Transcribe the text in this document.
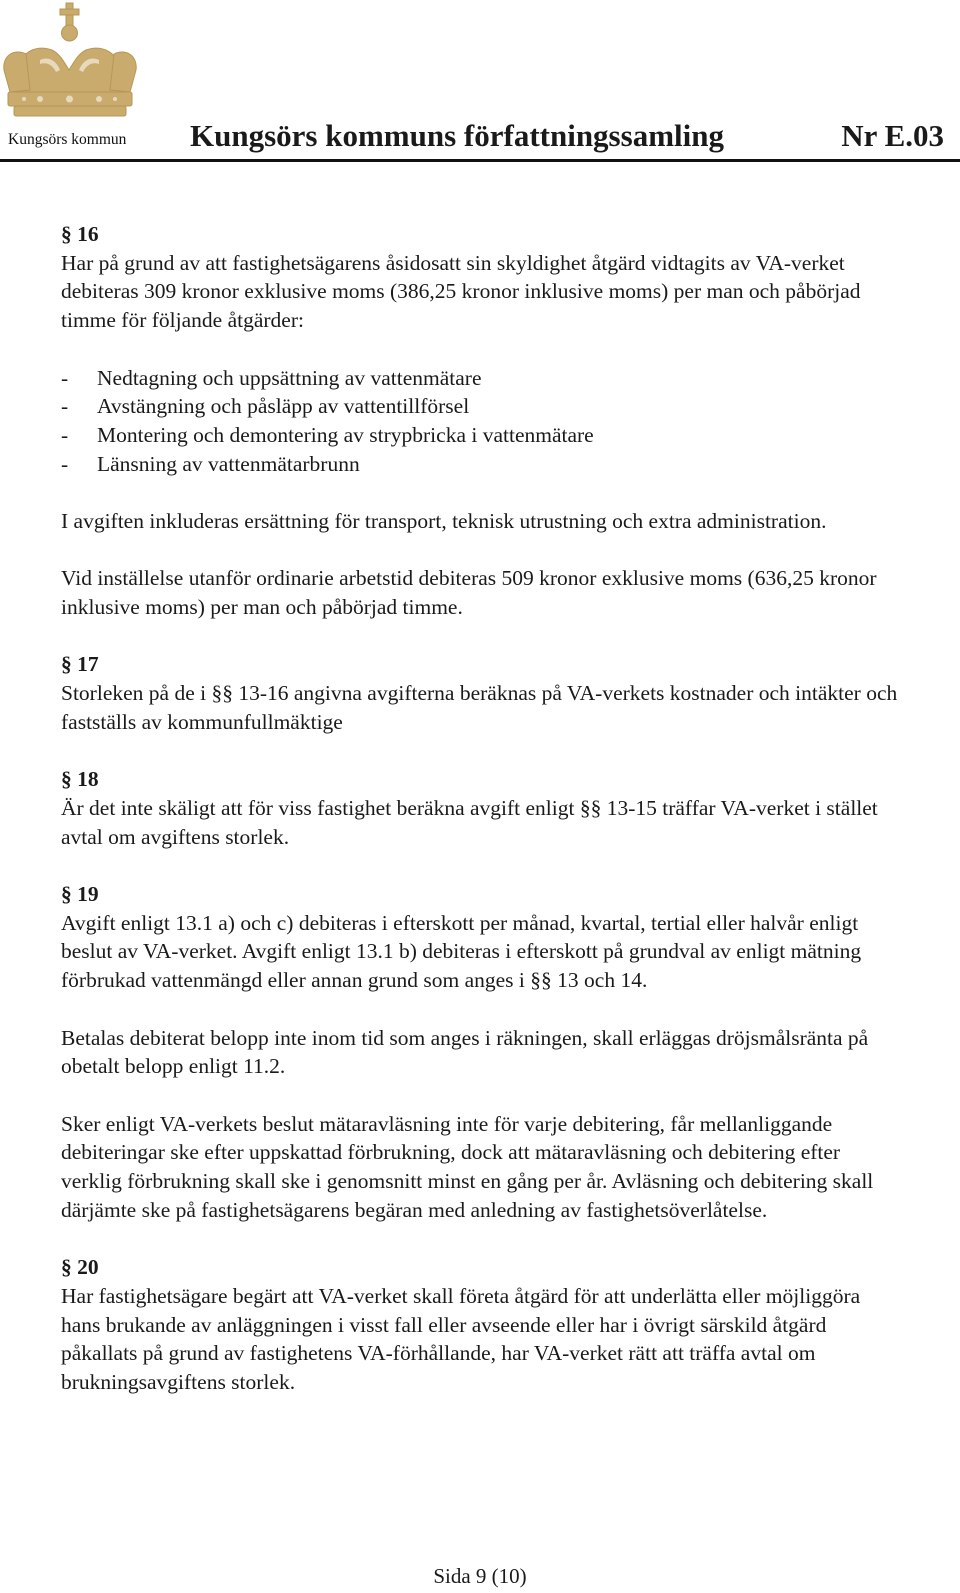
Kungsörs kommun Kungsörs kommuns författningssamling	Nr E.03
§ 16

Har på grund av att fastighetsägarens åsidosatt sin skyldighet åtgärd vidtagits av VA-verket debiteras 309 kronor exklusive moms (386,25 kronor inklusive moms) per man och påbörjad timme för följande åtgärder:

- Nedtagning och uppsättning av vattenmätare
- Avstängning och påsläpp av vattentillförsel
- Montering och demontering av strypbricka i vattenmätare
- Länsning av vattenmätarbrunn

I avgiften inkluderas ersättning för transport, teknisk utrustning och extra administration.

Vid inställelse utanför ordinarie arbetstid debiteras 509 kronor exklusive moms (636,25 kronor inklusive moms) per man och påbörjad timme.

§ 17

Storleken på de i §§ 13-16 angivna avgifterna beräknas på VA-verkets kostnader och intäkter och fastställs av kommunfullmäktige

§ 18

Är det inte skäligt att för viss fastighet beräkna avgift enligt §§ 13-15 träffar VA-verket i stället avtal om avgiftens storlek.

§ 19

Avgift enligt 13.1 a) och c) debiteras i efterskott per månad, kvartal, tertial eller halvår enligt beslut av VA-verket. Avgift enligt 13.1 b) debiteras i efterskott på grundval av enligt mätning förbrukad vattenmängd eller annan grund som anges i §§ 13 och 14.

Betalas debiterat belopp inte inom tid som anges i räkningen, skall erläggas dröjsmålsränta på obetalt belopp enligt 11.2.

Sker enligt VA-verkets beslut mätaravläsning inte för varje debitering, får mellanliggande debiteringar ske efter uppskattad förbrukning, dock att mätaravläsning och debitering efter verklig förbrukning skall ske i genomsnitt minst en gång per år. Avläsning och debitering skall därjämte ske på fastighetsägarens begäran med anledning av fastighetsöverlåtelse.

§ 20

Har fastighetsägare begärt att VA-verket skall företa åtgärd för att underlätta eller möjliggöra hans brukande av anläggningen i visst fall eller avseende eller har i övrigt särskild åtgärd påkallats på grund av fastighetens VA-förhållande, har VA-verket rätt att träffa avtal om brukningsavgiftens storlek.

Sida 9 (10)
